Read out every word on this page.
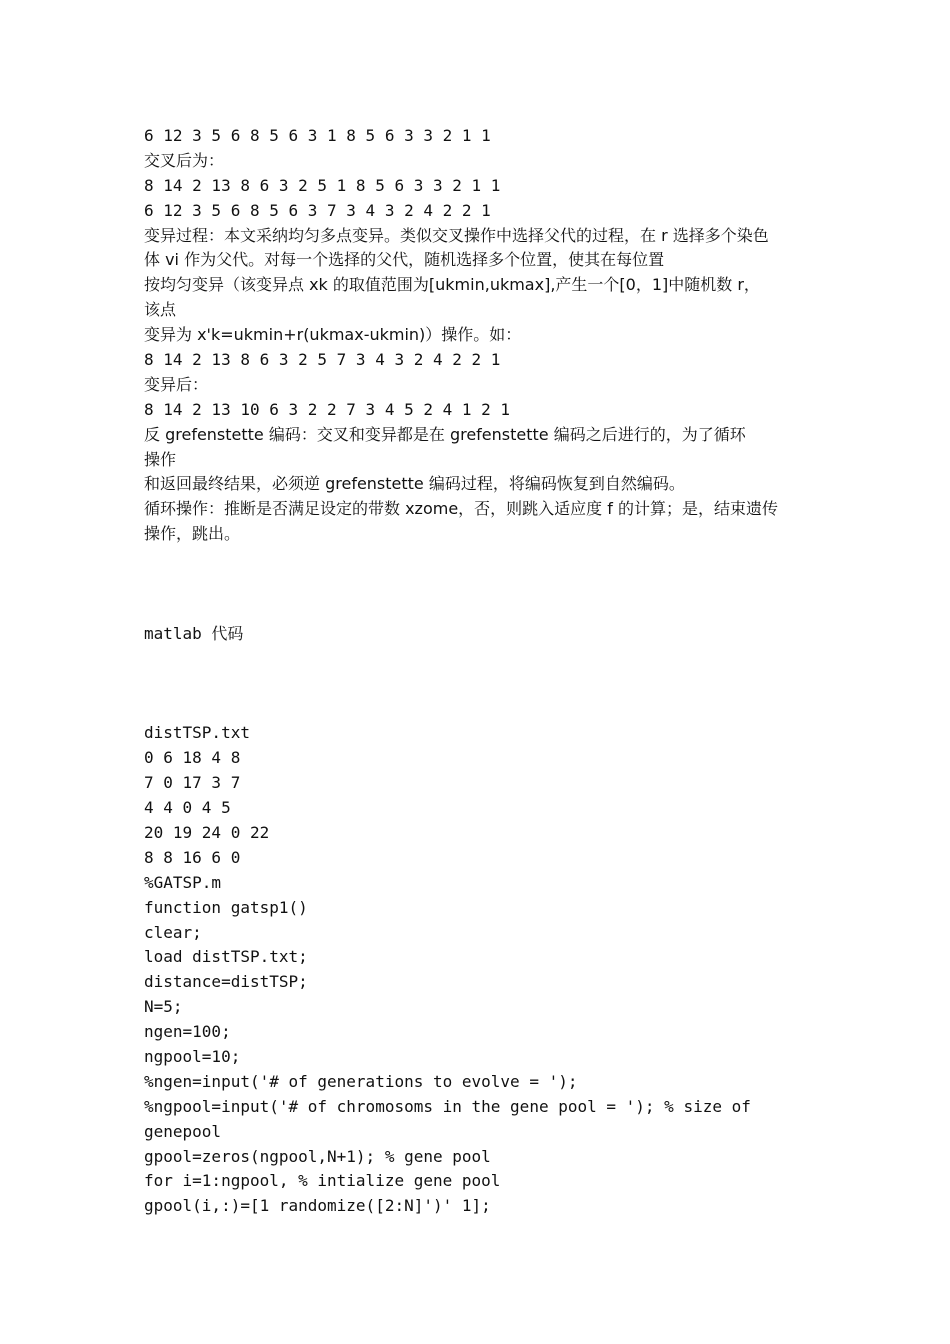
6 12 3 5 6 8 5 6 3 1 8 5 6 3 3 2 1 1
交叉后为：
8 14 2 13 8 6 3 2 5 1 8 5 6 3 3 2 1 1
6 12 3 5 6 8 5 6 3 7 3 4 3 2 4 2 2 1
变异过程：本文采纳均匀多点变异。类似交叉操作中选择父代的过程，在 r 选择多个染色
体 vi 作为父代。对每一个选择的父代，随机选择多个位置，使其在每位置
按均匀变异（该变异点 xk 的取值范围为[ukmin,ukmax],产生一个[0，1]中随机数 r，
该点
变异为 x'k=ukmin+r(ukmax-ukmin)）操作。如：
8 14 2 13 8 6 3 2 5 7 3 4 3 2 4 2 2 1
变异后：
8 14 2 13 10 6 3 2 2 7 3 4 5 2 4 1 2 1
反 grefenstette 编码：交叉和变异都是在 grefenstette 编码之后进行的，为了循环
操作
和返回最终结果，必须逆 grefenstette 编码过程，将编码恢复到自然编码。
循环操作：推断是否满足设定的带数 xzome，否，则跳入适应度 f 的计算；是，结束遗传
操作，跳出。
matlab 代码
distTSP.txt
0 6 18 4 8
7 0 17 3 7
4 4 0 4 5
20 19 24 0 22
8 8 16 6 0
%GATSP.m
function gatsp1()
clear;
load distTSP.txt;
distance=distTSP;
N=5;
ngen=100;
ngpool=10;
%ngen=input('# of generations to evolve = ');
%ngpool=input('# of chromosoms in the gene pool = '); % size of
genepool
gpool=zeros(ngpool,N+1); % gene pool
for i=1:ngpool, % intialize gene pool
gpool(i,:)=[1 randomize([2:N]')' 1];
